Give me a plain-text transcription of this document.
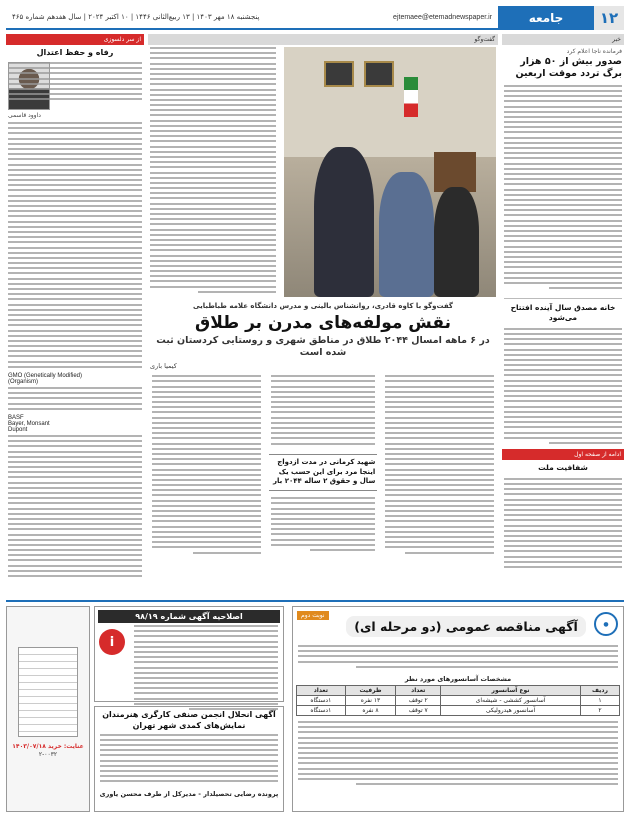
۱۲
جامعه
ejtemaee@etemadnewspaper.ir
پنجشنبه ۱۸ مهر ۱۴۰۳ | ۱۳ ربیع‌الثانی ۱۴۴۶ | ۱۰ اکتبر ۲۰۲۴ | سال هفدهم شماره ۴۶۵
خبر
فرمانده ناجا اعلام کرد
صدور بیش از ۵۰ هزار برگ تردد موقت اربعین
خانه مصدق سال آینده افتتاح می‌شود
ادامه از صفحه اول
شفافیت ملت
گفت‌وگو
گفت‌وگو با کاوه قادری، روانشناس بالینی و مدرس دانشگاه علامه طباطبایی
نقش مولفه‌های مدرن بر طلاق
در ۶ ماهه امسال ۲۰۴۴ طلاق در مناطق شهری و روستایی کردستان ثبت شده است
کیمیا باری
شهید کرمانی در مدت ازدواج اینجا مرد برای این حسب یک سال و حقوق ۲ ساله ۲۰۴۴ بار
از سر دلسوزی
رفاه و حفظ اعتدال
داوود قاسمی
GMO (Genetically Modified)
(Organism)
BASF
Bayer, Monsant
Dupont
●
نوبت دوم
آگهی مناقصه عمومی (دو مرحله ای)
مشخصات آسانسورهای مورد نظر
ردیف	نوع آسانسور	تعداد	ظرفیت	تعداد
۱	آسانسور کششی - شیشه‌ای	۲ توقف	۱۳ نفره	۱دستگاه
۲	آسانسور هیدرولیکی	۷ توقف	۸ نفره	۱دستگاه
اصلاحیه آگهی شماره ۹۸/۱۹
i
آگهی انحلال انجمن صنفی کارگری هنرمندان نمایش‌های کمدی شهر تهران
پرونده رضایی تحصیلدار - مدیرکل از طرف محسن یاوری
عنایت: خرید ۱۴۰۳/۰۷/۱۸
۲-۰۰۳۲
